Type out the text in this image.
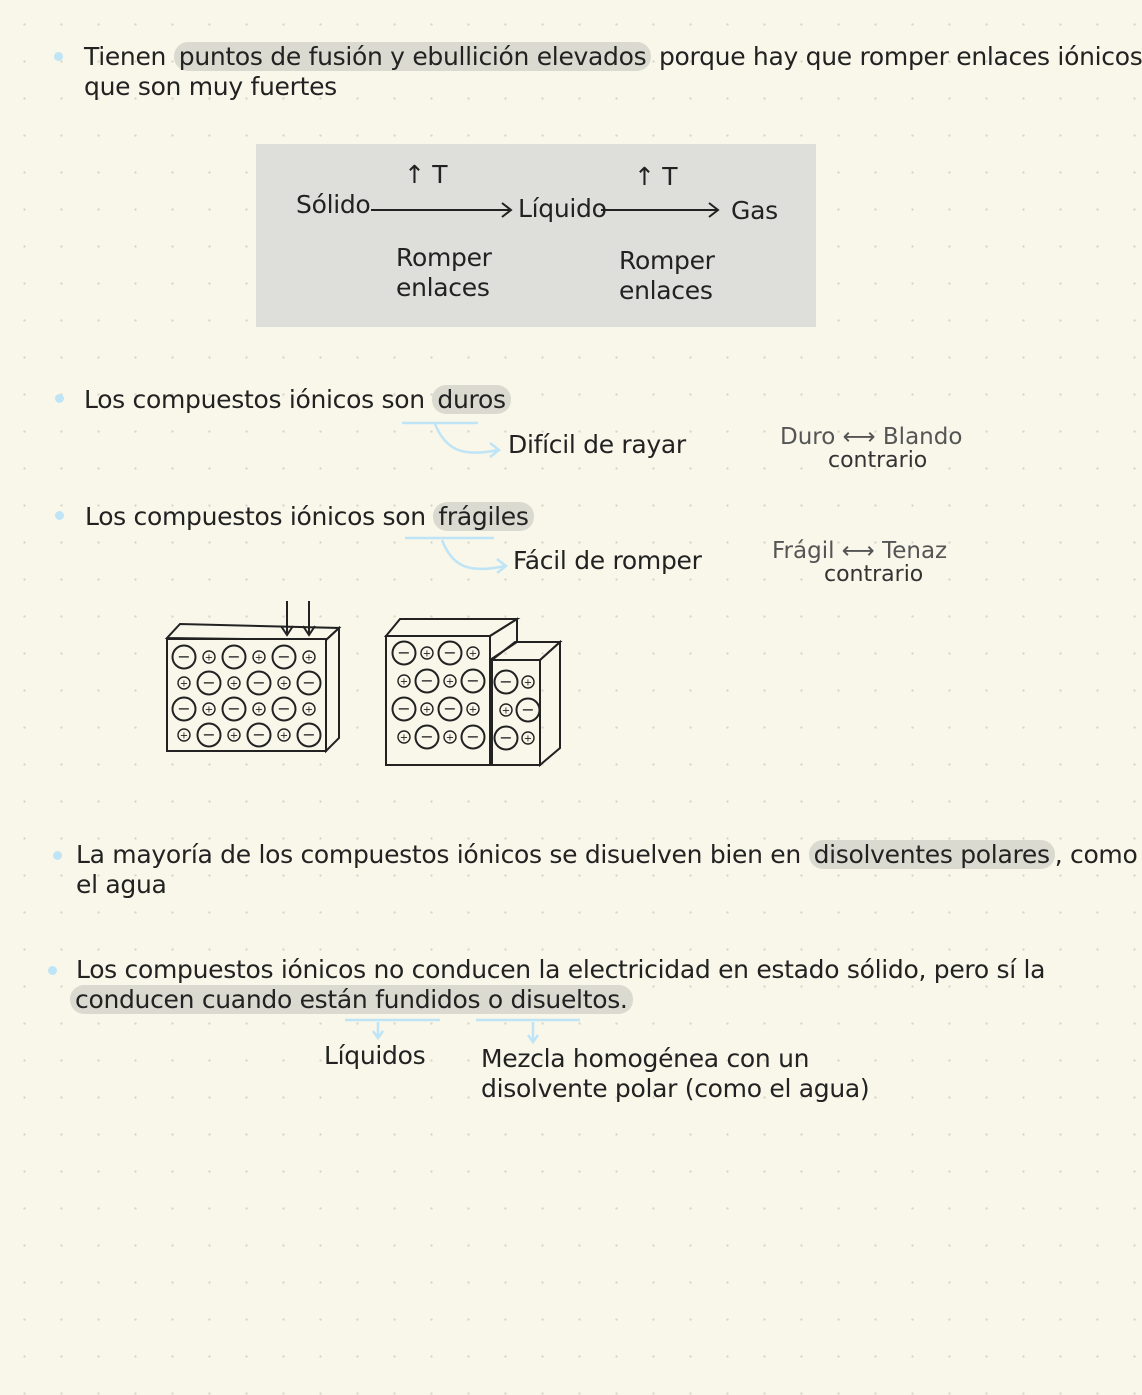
Tienen puntos de fusión y ebullición elevados porque hay que romper enlaces iónicos
que son muy fuertes
Sólido	Líquido	Gas
↑ T	↑ T
Romper
enlaces
Romper
enlaces
Los compuestos iónicos son duros
Difícil de rayar	Duro ⟷ Blando
contrario
Los compuestos iónicos son frágiles
Fácil de romper	Frágil ⟷ Tenaz
contrario
− + − + − +
+ − + − + −
− + − + − +
+ − + − + −
− + − +
+ − + −
− + − +
+ − + −
− +
+ −
− +
La mayoría de los compuestos iónicos se disuelven bien en disolventes polares , como
el agua
Los compuestos iónicos no conducen la electricidad en estado sólido, pero sí la
conducen cuando están fundidos o disueltos.
Líquidos Mezcla homogénea con un
disolvente polar (como el agua)
